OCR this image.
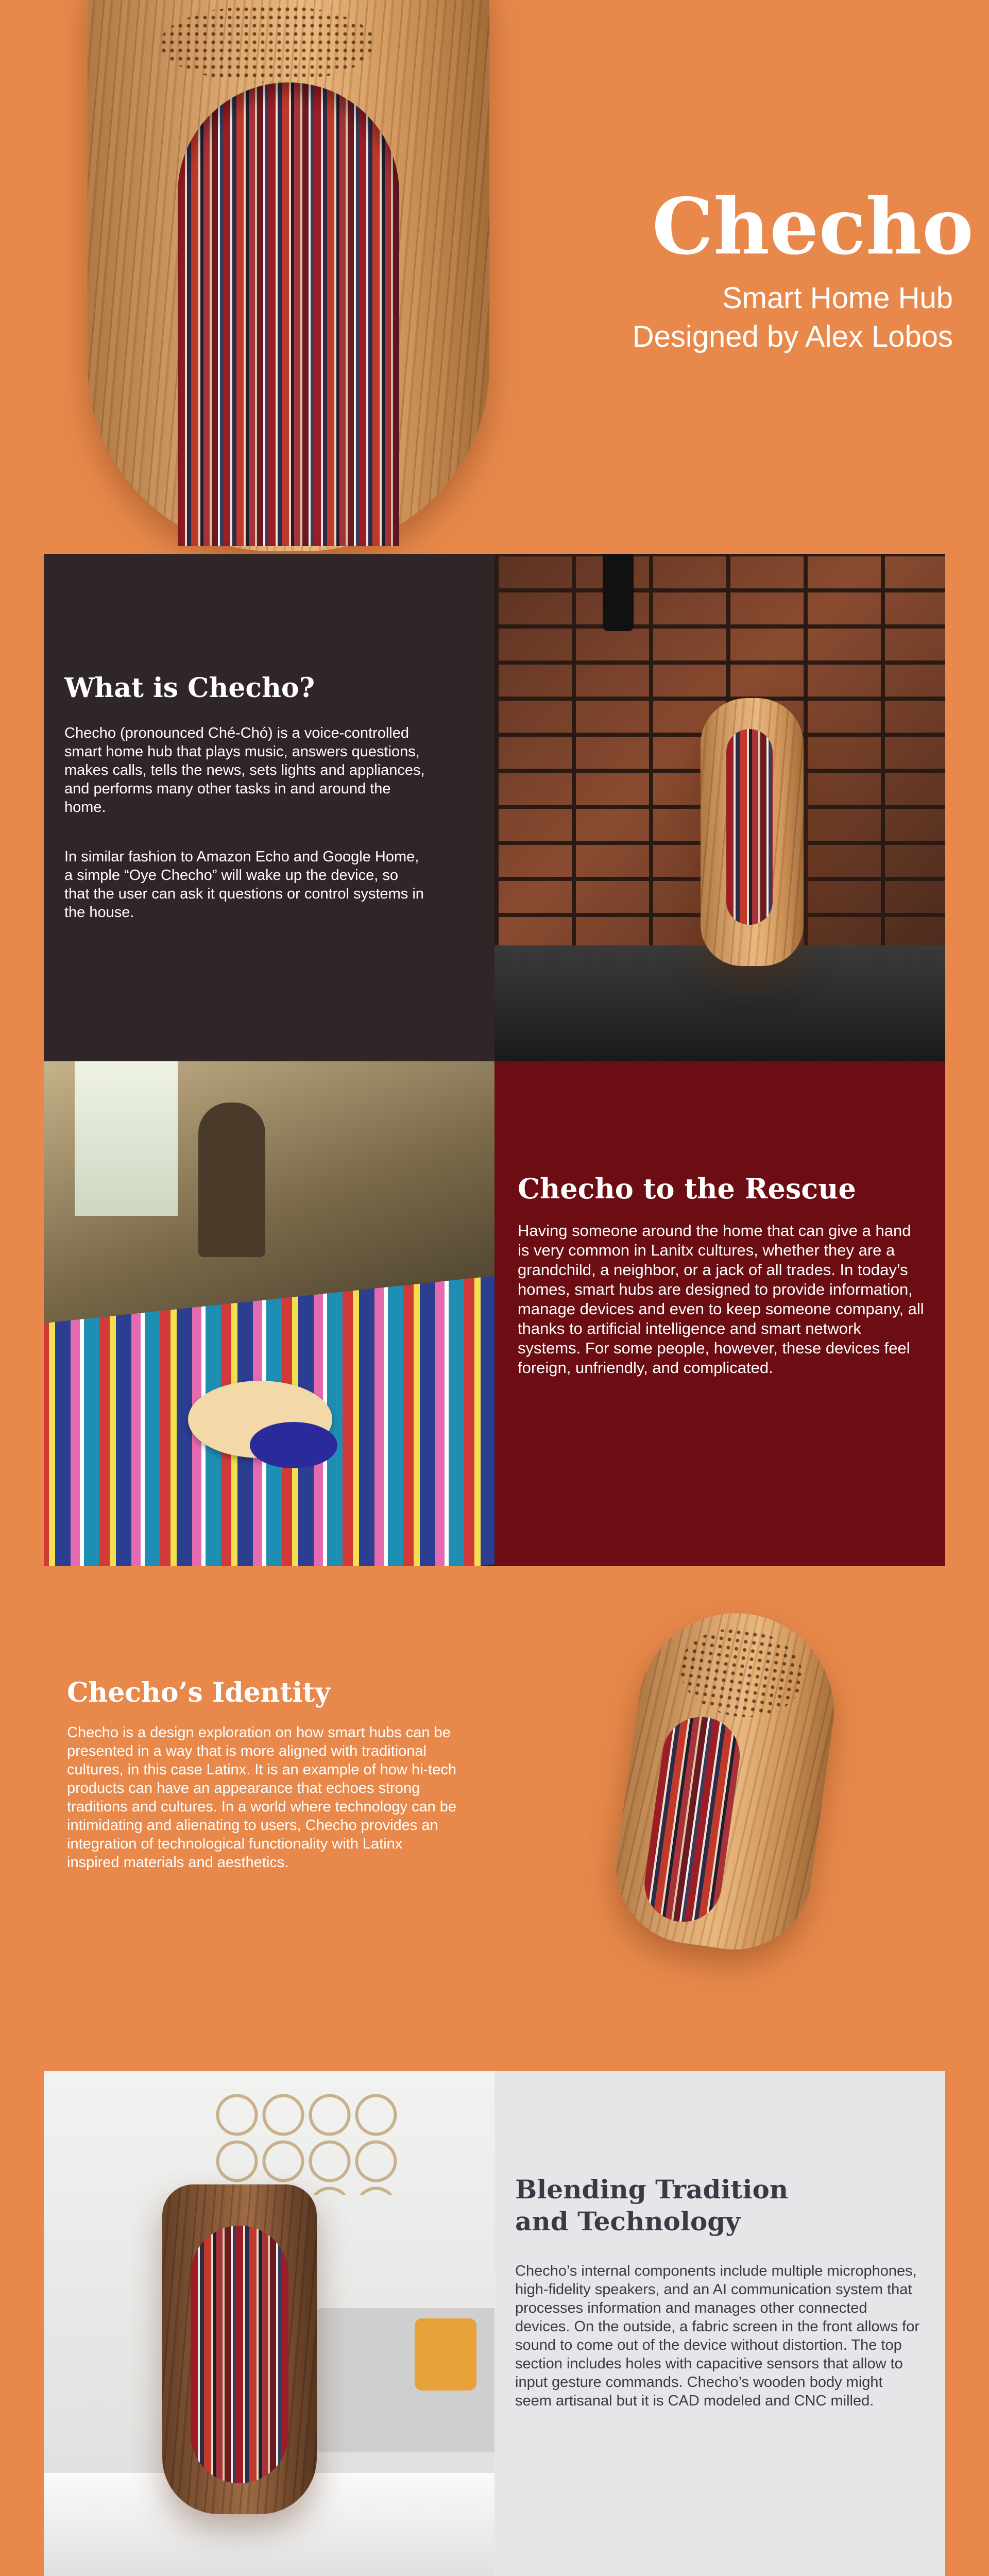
Checho
Smart Home Hub
Designed by Alex Lobos
What is Checho?
Checho (pronounced Ché-Chó) is a voice-controlled smart home hub that plays music, answers questions, makes calls, tells the news, sets lights and appliances, and performs many other tasks in and around the home.
In similar fashion to Amazon Echo and Google Home, a simple “Oye Checho” will wake up the device, so that the user can ask it questions or control systems in the house.
Checho to the Rescue
Having someone around the home that can give a hand is very common in Lanitx cultures, whether they are a grandchild, a neighbor, or a jack of all trades. In today’s homes, smart hubs are designed to provide information, manage devices and even to keep someone company, all thanks to artificial intelligence and smart network systems. For some people, however, these devices feel foreign, unfriendly, and complicated.
Checho’s Identity
Checho is a design exploration on how smart hubs can be presented in a way that is more aligned with traditional cultures, in this case Latinx. It is an example of how hi-tech products can have an appearance that echoes strong traditions and cultures. In a world where technology can be intimidating and alienating to users, Checho provides an integration of technological functionality with Latinx inspired materials and aesthetics.
Blending Tradition
and Technology
Checho’s internal components include multiple microphones, high-fidelity speakers, and an AI communication system that processes information and manages other connected devices. On the outside, a fabric screen in the front allows for sound to come out of the device without distortion. The top section includes holes with capacitive sensors that allow to input gesture commands. Checho’s wooden body might seem artisanal but it is CAD modeled and CNC milled.
